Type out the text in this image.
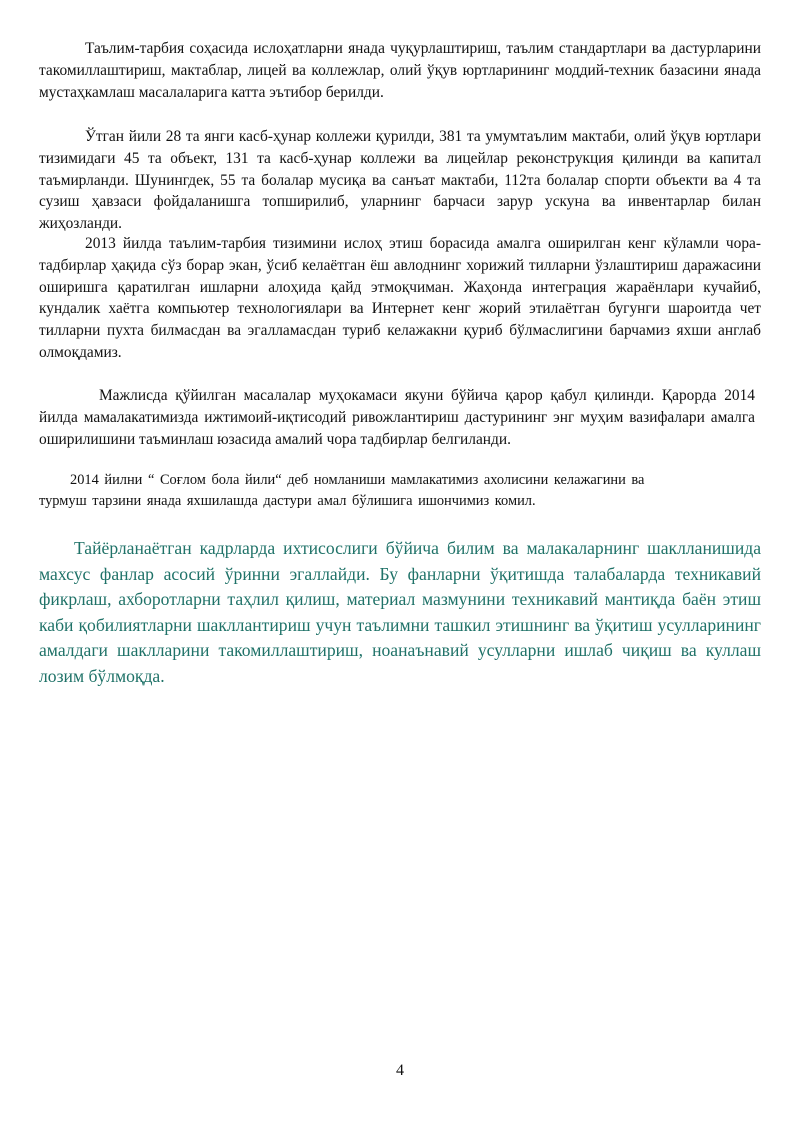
Таълим-тарбия соҳасида ислоҳатларни янада чуқурлаштириш, таълим стандартлари ва дастурларини такомиллаштириш, мактаблар, лицей ва коллежлар, олий ўқув юртларининг моддий-техник базасини янада мустаҳкамлаш масалаларига катта эътибор берилди.

Ўтган йили 28 та янги касб-ҳунар коллежи қурилди, 381 та умумтаълим мактаби, олий ўқув юртлари тизимидаги 45 та объект, 131 та касб-ҳунар коллежи ва лицейлар реконструкция қилинди ва капитал таъмирланди. Шунингдек, 55 та болалар мусиқа ва санъат мактаби, 112та болалар спорти объекти ва 4 та сузиш ҳавзаси фойдаланишга топширилиб, уларнинг барчаси зарур ускуна ва инвентарлар билан жиҳозланди.

2013 йилда таълим-тарбия тизимини ислоҳ этиш борасида амалга оширилган кенг кўламли чора-тадбирлар ҳақида сўз борар экан, ўсиб келаётган ёш авлоднинг хорижий тилларни ўзлаштириш даражасини оширишга қаратилган ишларни алоҳида қайд этмоқчиман. Жаҳонда интеграция жараёнлари кучайиб, кундалик хаётга компьютер технологиялари ва Интернет кенг жорий этилаётган бугунги шароитда чет тилларни пухта билмасдан ва эгалламасдан туриб келажакни қуриб бўлмаслигини барчамиз яхши англаб олмоқдамиз.

Мажлисда қўйилган масалалар муҳокамаси якуни бўйича қарор қабул қилинди. Қарорда 2014 йилда мамалакатимизда ижтимоий-иқтисодий ривожлантириш дастурининг энг муҳим вазифалари амалга оширилишини таъминлаш юзасида амалий чора тадбирлар белгиланди.

2014 йилни “ Соғлом бола йили“ деб номланиши мамлакатимиз ахолисини келажагини ва турмуш тарзини янада яхшилашда дастури амал бўлишига ишончимиз комил.

Тайёрланаётган кадрларда ихтисослиги бўйича билим ва малакаларнинг шаклланишида махсус фанлар асосий ўринни эгаллайди. Бу фанларни ўқитишда талабаларда техникавий фикрлаш, ахборотларни таҳлил қилиш, материал мазмунини техникавий мантиқда баён этиш каби қобилиятларни шакллантириш учун таълимни ташкил этишнинг ва ўқитиш усулларининг амалдаги шаклларини такомиллаштириш, ноанаънавий усулларни ишлаб чиқиш ва куллаш лозим бўлмоқда.

4
